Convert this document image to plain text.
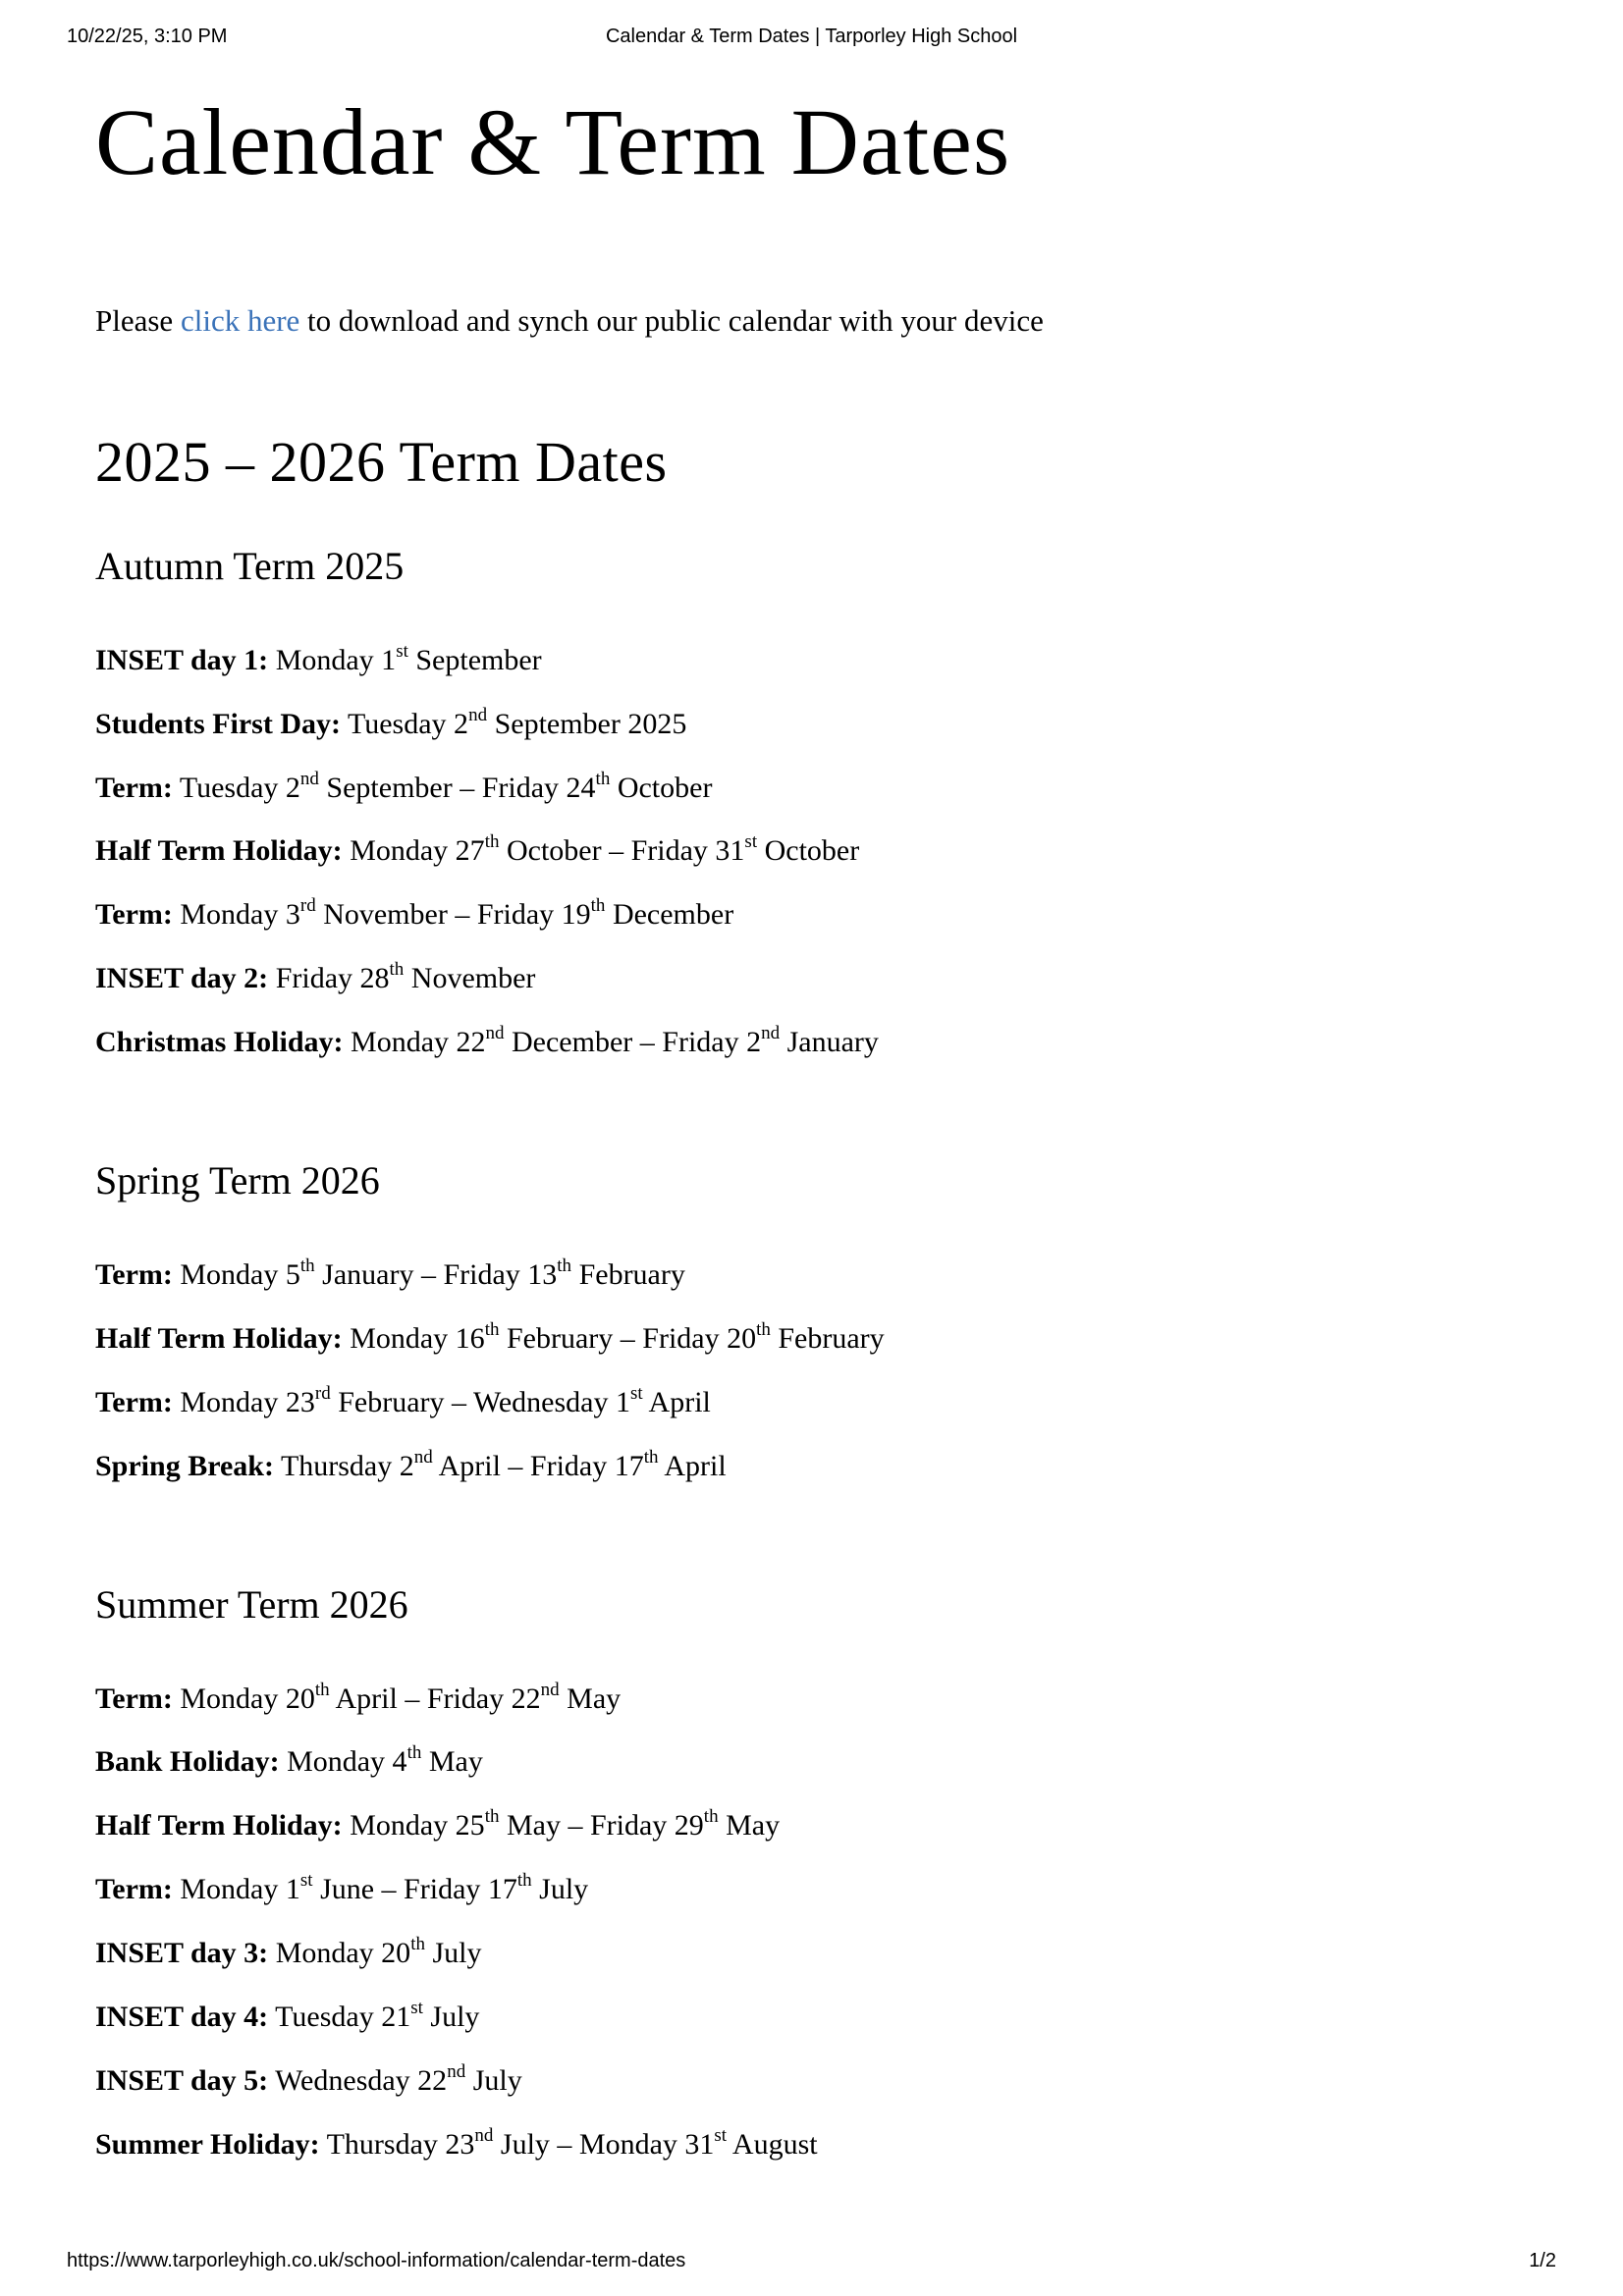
10/22/25, 3:10 PM	Calendar & Term Dates | Tarporley High School
Calendar & Term Dates

Please click here to download and synch our public calendar with your device

2025 – 2026 Term Dates
Autumn Term 2025

INSET day 1: Monday 1st September

Students First Day: Tuesday 2nd September 2025

Term: Tuesday 2nd September – Friday 24th October

Half Term Holiday: Monday 27th October – Friday 31st October

Term: Monday 3rd November – Friday 19th December

INSET day 2: Friday 28th November

Christmas Holiday: Monday 22nd December – Friday 2nd January

Spring Term 2026

Term: Monday 5th January – Friday 13th February

Half Term Holiday: Monday 16th February – Friday 20th February

Term: Monday 23rd February – Wednesday 1st April

Spring Break: Thursday 2nd April – Friday 17th April

Summer Term 2026

Term: Monday 20th April – Friday 22nd May

Bank Holiday: Monday 4th May

Half Term Holiday: Monday 25th May – Friday 29th May

Term: Monday 1st June – Friday 17th July

INSET day 3: Monday 20th July

INSET day 4: Tuesday 21st July

INSET day 5: Wednesday 22nd July

Summer Holiday: Thursday 23nd July – Monday 31st August

https://www.tarporleyhigh.co.uk/school-information/calendar-term-dates	1/2
